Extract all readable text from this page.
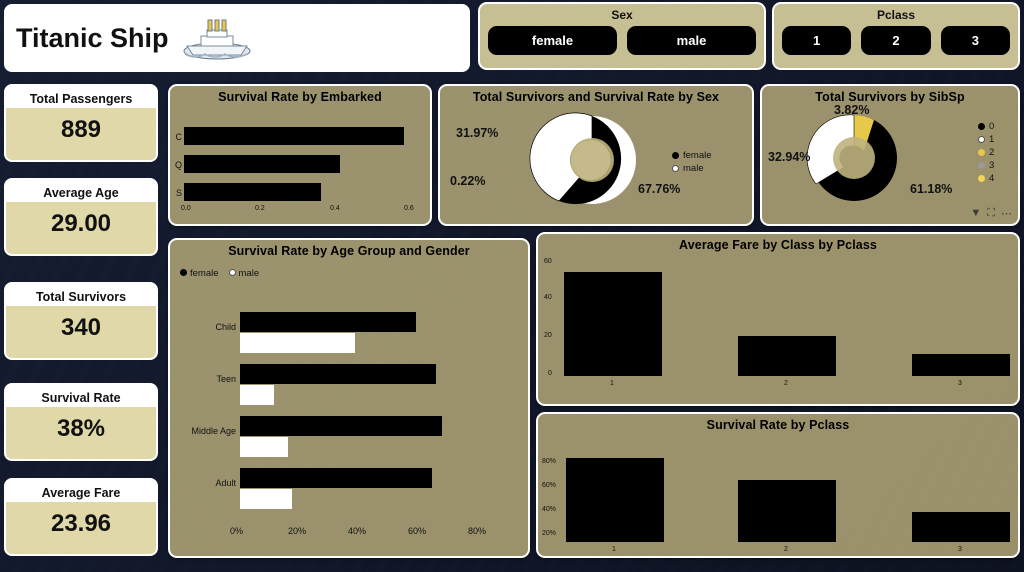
Titanic Ship
Sex
female	male
Pclass
1	2	3
Total Passengers
889
Average Age
29.00
Total Survivors
340
Survival Rate
38%
Average Fare
23.96
Survival Rate by Embarked
C
Q
S
0.0	0.2	0.4	0.6
Total Survivors and Survival Rate by Sex
31.97%
0.22%
67.76%
female
male
Total Survivors by SibSp
3.82%
32.94%
61.18%
0
1
2
3
4
▼ ⛶ ⋯
Survival Rate by Age Group and Gender
female	male
Child
Teen
Middle Age
Adult
0%	20%	40%	60%	80%
Average Fare by Class by Pclass
60
40
20
0
1	2	3
Survival Rate by Pclass
80%
60%
40%
20%
1	2	3
